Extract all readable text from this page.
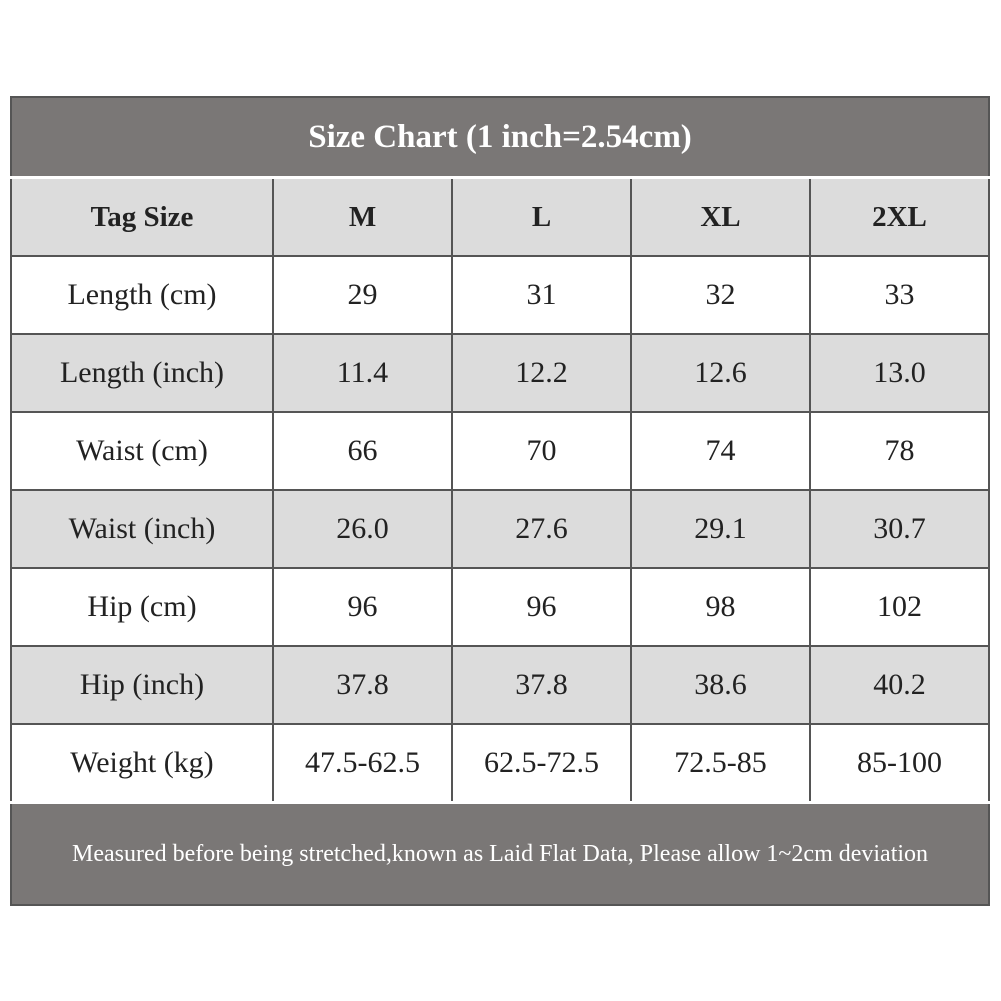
Size Chart (1 inch=2.54cm)				
Tag Size	M	L	XL	2XL
Length (cm)	29	31	32	33
Length (inch)	11.4	12.2	12.6	13.0
Waist (cm)	66	70	74	78
Waist (inch)	26.0	27.6	29.1	30.7
Hip (cm)	96	96	98	102
Hip (inch)	37.8	37.8	38.6	40.2
Weight (kg)	47.5-62.5	62.5-72.5	72.5-85	85-100
Measured before being stretched,known as Laid Flat Data, Please allow 1~2cm deviation				
